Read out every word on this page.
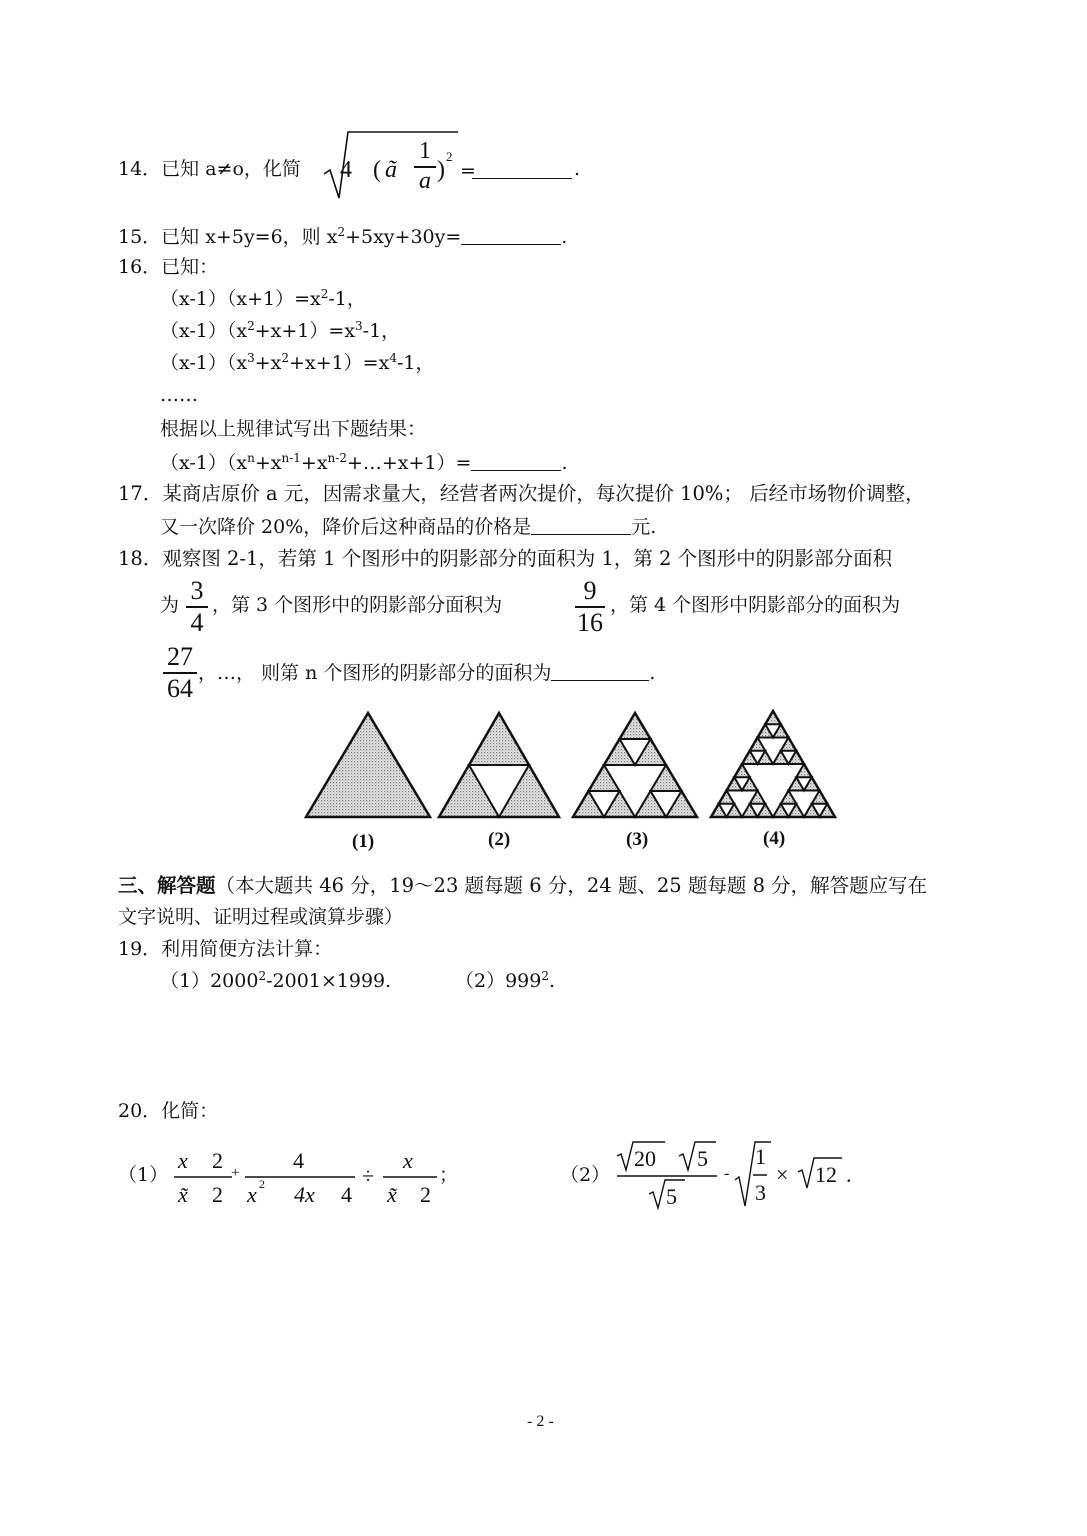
14．已知 a≠o，化简 4 ( ã
1
a )
2
=	.
15．已知 x+5y=6，则 $x^2+5xy+30y=$	.
16．已知：
$(x-1)(x+1)=x^2-1$，
$(x-1)(x^2+x+1)=x^3-1$，
$(x-1)(x^3+x^2+x+1)=x^4-1$，
……
根据以上规律试写出下题结果：
$(x-1)(x^n+x^{n-1}+x^{n-2}+\dots+x+1)=$	.
17．某商店原价 a 元，因需求量大，经营者两次提价，每次提价 10%； 后经市场物价调整，
又一次降价 20%，降价后这种商品的价格是	元.
18．观察图 2-1，若第 1 个图形中的阴影部分的面积为 1，第 2 个图形中的阴影部分面积
为 3
4
，第 3 个图形中的阴影部分面积为	9
16
，第 4 个图形中阴影部分的面积为
27
64
，…， 则第 n 个图形的阴影部分的面积为	.
(1)	(2)	(3)	(4)
三、解答题（本大题共 46 分，19～23 题每题 6 分，24 题、25 题每题 8 分，解答题应写在
文字说明、证明过程或演算步骤）
19．利用简便方法计算：
$(1)2000^2-2001\times 1999$.	$(2)999^2$.
20．化简：
（1）
x 2
x̃ 2
+ 4
x 2 4x 4
÷
x
x̃ 2
；	（2）
20 5
5
-
1
3
× 12 .
- 2 -
